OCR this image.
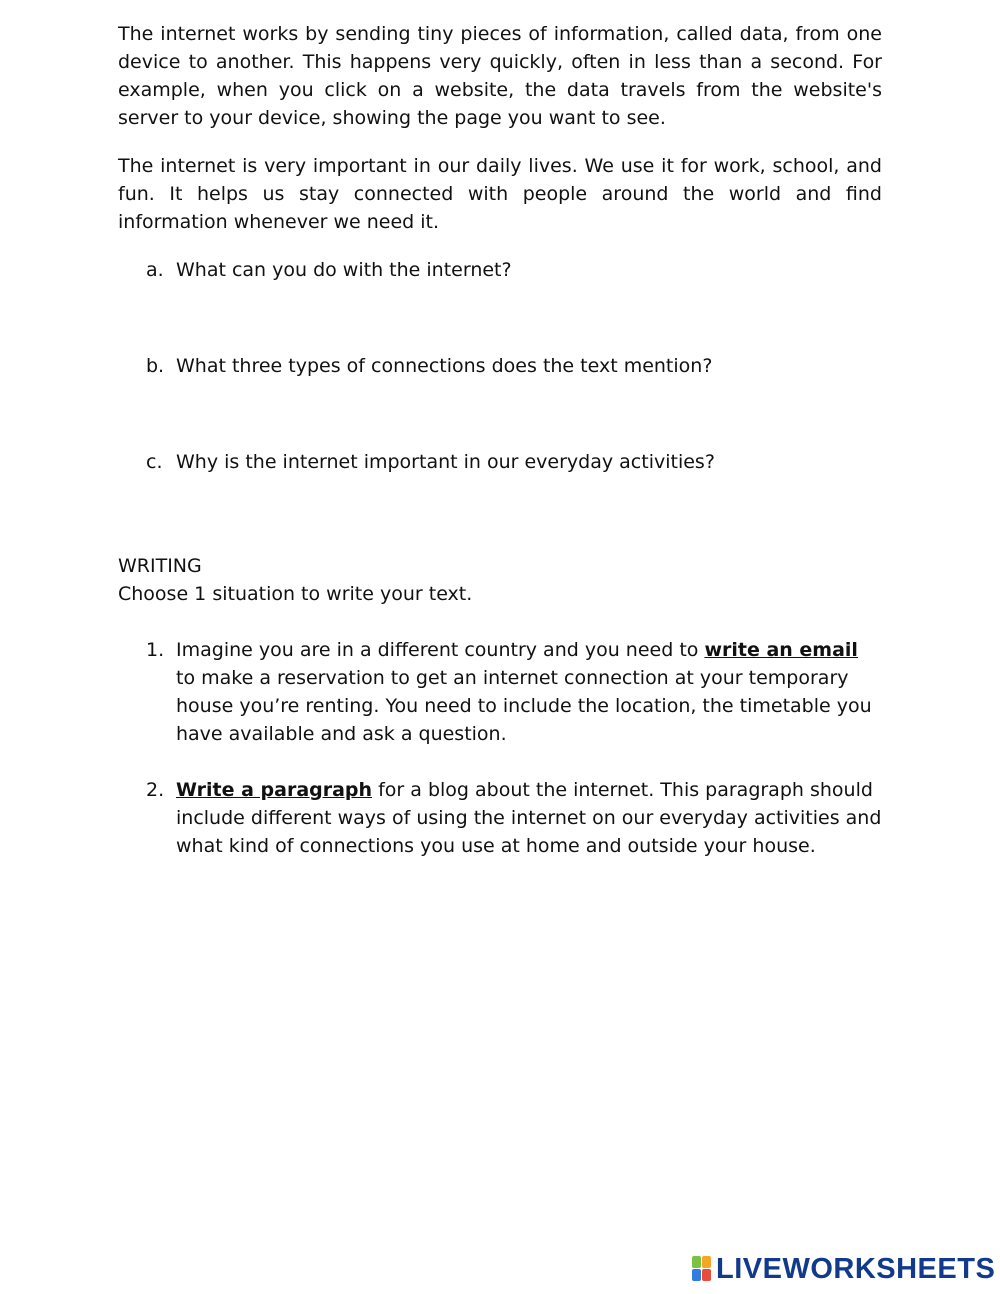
The internet works by sending tiny pieces of information, called data, from one device to another. This happens very quickly, often in less than a second. For example, when you click on a website, the data travels from the website's server to your device, showing the page you want to see.

The internet is very important in our daily lives. We use it for work, school, and fun. It helps us stay connected with people around the world and find information whenever we need it.

a. What can you do with the internet?
b. What three types of connections does the text mention?
c. Why is the internet important in our everyday activities?

WRITING

Choose 1 situation to write your text.

1. Imagine you are in a different country and you need to write an email to make a reservation to get an internet connection at your temporary house you’re renting. You need to include the location, the timetable you have available and ask a question.
2. Write a paragraph for a blog about the internet. This paragraph should include different ways of using the internet on our everyday activities and what kind of connections you use at home and outside your house.
LIVEWORKSHEETS
